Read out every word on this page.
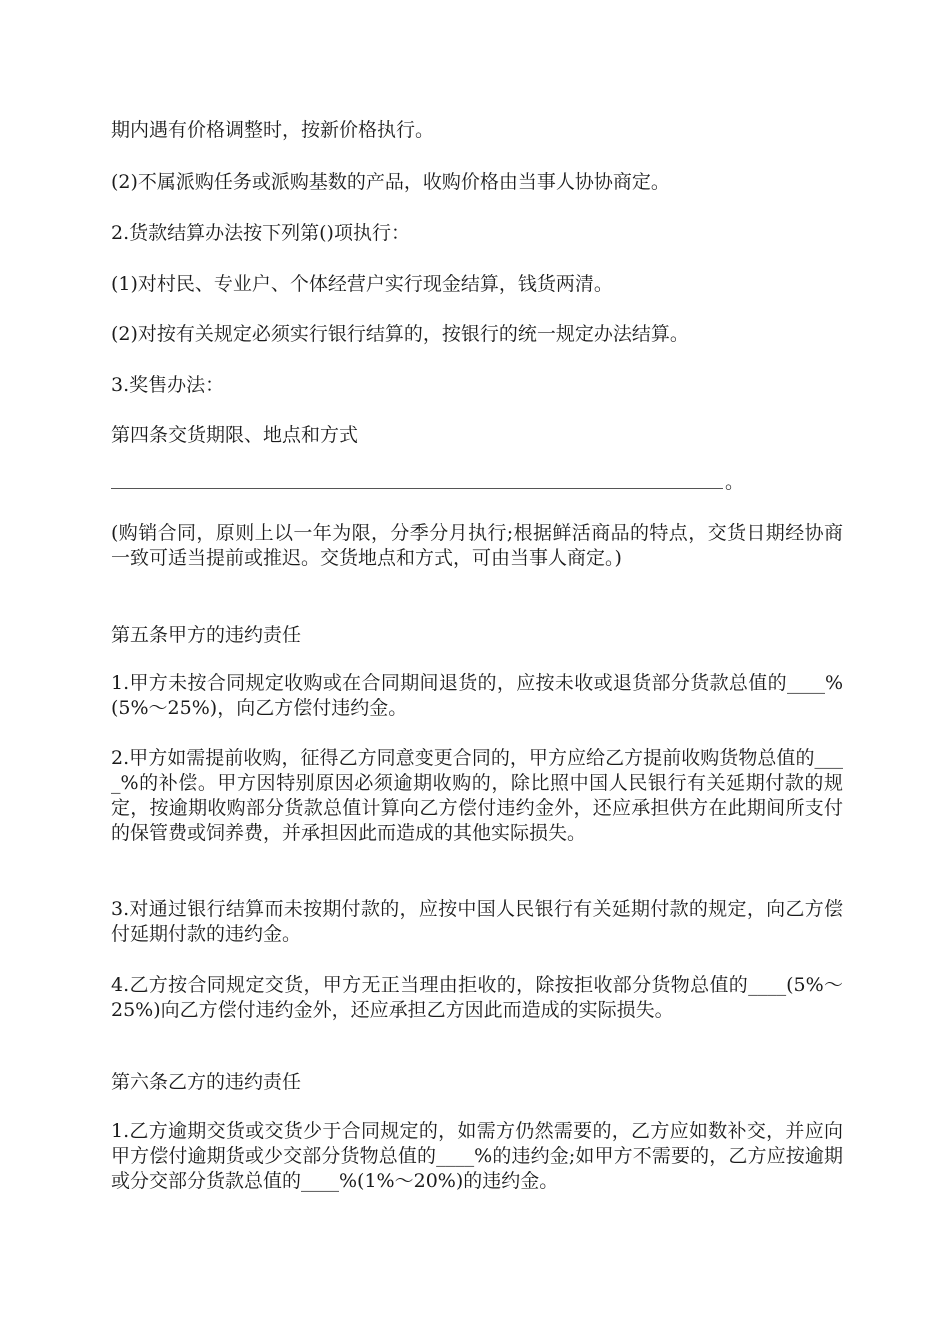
期内遇有价格调整时，按新价格执行。

(2)不属派购任务或派购基数的产品，收购价格由当事人协协商定。

2.货款结算办法按下列第()项执行：

(1)对村民、专业户、个体经营户实行现金结算，钱货两清。

(2)对按有关规定必须实行银行结算的，按银行的统一规定办法结算。

3.奖售办法：

第四条交货期限、地点和方式

。

(购销合同，原则上以一年为限，分季分月执行;根据鲜活商品的特点，交货日期经协商一致可适当提前或推迟。交货地点和方式，可由当事人商定。)

第五条甲方的违约责任

1.甲方未按合同规定收购或在合同期间退货的，应按未收或退货部分货款总值的____%(5%～25%)，向乙方偿付违约金。

2.甲方如需提前收购，征得乙方同意变更合同的，甲方应给乙方提前收购货物总值的____%的补偿。甲方因特别原因必须逾期收购的，除比照中国人民银行有关延期付款的规定，按逾期收购部分货款总值计算向乙方偿付违约金外，还应承担供方在此期间所支付的保管费或饲养费，并承担因此而造成的其他实际损失。

3.对通过银行结算而未按期付款的，应按中国人民银行有关延期付款的规定，向乙方偿付延期付款的违约金。

4.乙方按合同规定交货，甲方无正当理由拒收的，除按拒收部分货物总值的____(5%～25%)向乙方偿付违约金外，还应承担乙方因此而造成的实际损失。

第六条乙方的违约责任

1.乙方逾期交货或交货少于合同规定的，如需方仍然需要的，乙方应如数补交，并应向甲方偿付逾期货或少交部分货物总值的____%的违约金;如甲方不需要的，乙方应按逾期或分交部分货款总值的____%(1%～20%)的违约金。
